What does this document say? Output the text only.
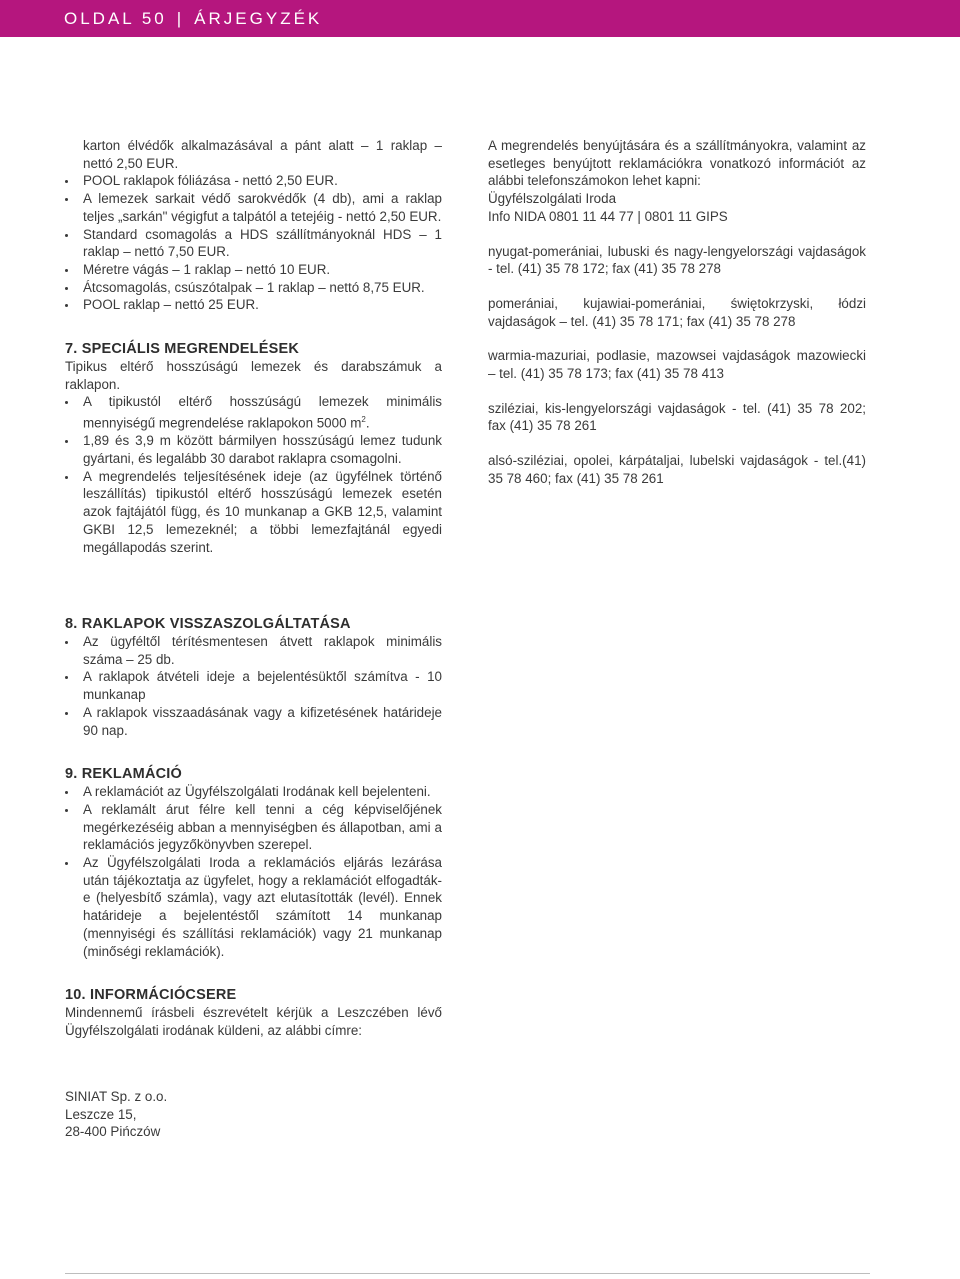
OLDAL 50 | ÁRJEGYZÉK
karton élvédők alkalmazásával a pánt alatt – 1 raklap – nettó 2,50 EUR.
POOL raklapok fóliázása - nettó 2,50 EUR.
A lemezek sarkait védő sarokvédők (4 db), ami a raklap teljes „sarkán" végigfut a talpától a tetejéig - nettó 2,50 EUR.
Standard csomagolás a HDS szállítmányoknál HDS – 1 raklap – nettó 7,50 EUR.
Méretre vágás – 1 raklap – nettó 10 EUR.
Átcsomagolás, csúszótalpak – 1 raklap – nettó 8,75 EUR.
POOL raklap – nettó 25 EUR.
7. SPECIÁLIS MEGRENDELÉSEK

Tipikus eltérő hosszúságú lemezek és darabszámuk a raklapon.

A tipikustól eltérő hosszúságú lemezek minimális mennyiségű megrendelése raklapokon 5000 $m^2$.
1,89 és 3,9 m között bármilyen hosszúságú lemez tudunk gyártani, és legalább 30 darabot raklapra csomagolni.
A megrendelés teljesítésének ideje (az ügyfélnek történő leszállítás) tipikustól eltérő hosszúságú lemezek esetén azok fajtájától függ, és 10 munkanap a GKB 12,5, valamint GKBI 12,5 lemezeknél; a többi lemezfajtánál egyedi megállapodás szerint.
8. RAKLAPOK VISSZASZOLGÁLTATÁSA
Az ügyféltől térítésmentesen átvett raklapok minimális száma – 25 db.
A raklapok átvételi ideje a bejelentésüktől számítva - 10 munkanap
A raklapok visszaadásának vagy a kifizetésének határideje 90 nap.
9. REKLAMÁCIÓ
A reklamációt az Ügyfélszolgálati Irodának kell bejelenteni.
A reklamált árut félre kell tenni a cég képviselőjének megérkezéséig abban a mennyiségben és állapotban, ami a reklamációs jegyzőkönyvben szerepel.
Az Ügyfélszolgálati Iroda a reklamációs eljárás lezárása után tájékoztatja az ügyfelet, hogy a reklamációt elfogadták-e (helyesbítő számla), vagy azt elutasították (levél). Ennek határideje a bejelentéstől számított 14 munkanap (mennyiségi és szállítási reklamációk) vagy 21 munkanap (minőségi reklamációk).
10. INFORMÁCIÓCSERE

Mindennemű írásbeli észrevételt kérjük a Leszczében lévő Ügyfélszolgálati irodának küldeni, az alábbi címre:

SINIAT Sp. z o.o.

Leszcze 15,

28-400 Pińczów

A megrendelés benyújtására és a szállítmányokra, valamint az esetleges benyújtott reklamációkra vonatkozó információt az alábbi telefonszámokon lehet kapni:
Ügyfélszolgálati Iroda
Info NIDA 0801 11 44 77 | 0801 11 GIPS

nyugat-pomerániai, lubuski és nagy-lengyelországi vajdaságok - tel. (41) 35 78 172; fax (41) 35 78 278

pomerániai, kujawiai-pomerániai, świętokrzyski, łódzi vajdaságok – tel. (41) 35 78 171; fax (41) 35 78 278

warmia-mazuriai, podlasie, mazowsei vajdaságok mazowiecki – tel. (41) 35 78 173; fax (41) 35 78 413

sziléziai, kis-lengyelországi vajdaságok - tel. (41) 35 78 202; fax (41) 35 78 261

alsó-sziléziai, opolei, kárpátaljai, lubelski vajdaságok - tel.(41) 35 78 460; fax (41) 35 78 261
